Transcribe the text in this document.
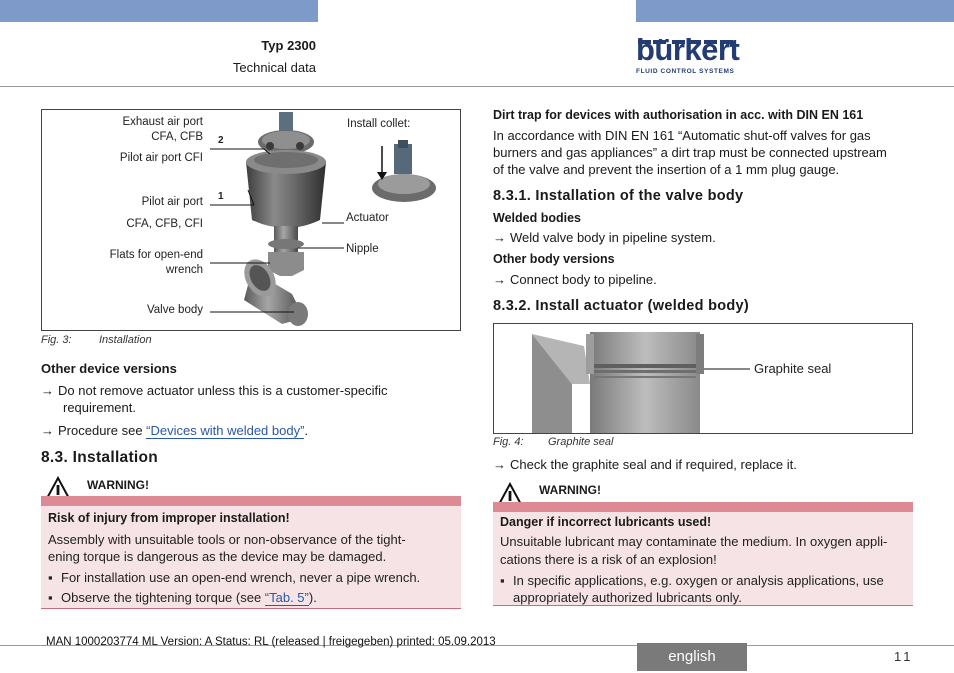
Typ 2300
Technical data
bürkert
FLUID CONTROL SYSTEMS
Exhaust air port
CFA, CFB 2
Pilot air port CFI
Pilot air port 1
CFA, CFB, CFI
Flats for open-end
wrench
Valve body
Install collet:
Actuator
Nipple
Fig. 3: Installation
Other device versions
→ Do not remove actuator unless this is a customer-specific
requirement.
→ Procedure see “Devices with welded body”.
8.3. Installation
WARNING!
Risk of injury from improper installation!
Assembly with unsuitable tools or non-observance of the tight-
ening torque is dangerous as the device may be damaged.
▪ For installation use an open-end wrench, never a pipe wrench.
▪ Observe the tightening torque (see “Tab. 5”).
Dirt trap for devices with authorisation in acc. with DIN EN 161
In accordance with DIN EN 161 “Automatic shut-off valves for gas
burners and gas appliances” a dirt trap must be connected upstream
of the valve and prevent the insertion of a 1 mm plug gauge.
8.3.1. Installation of the valve body
Welded bodies
→ Weld valve body in pipeline system.
Other body versions
→ Connect body to pipeline.
8.3.2. Install actuator (welded body)
Graphite seal
Fig. 4: Graphite seal
→ Check the graphite seal and if required, replace it.
WARNING!
Danger if incorrect lubricants used!
Unsuitable lubricant may contaminate the medium. In oxygen appli-
cations there is a risk of an explosion!
▪ In specific applications, e.g. oxygen or analysis applications, use
appropriately authorized lubricants only.
MAN 1000203774 ML Version: A Status: RL (released | freigegeben) printed: 05.09.2013
english	11
